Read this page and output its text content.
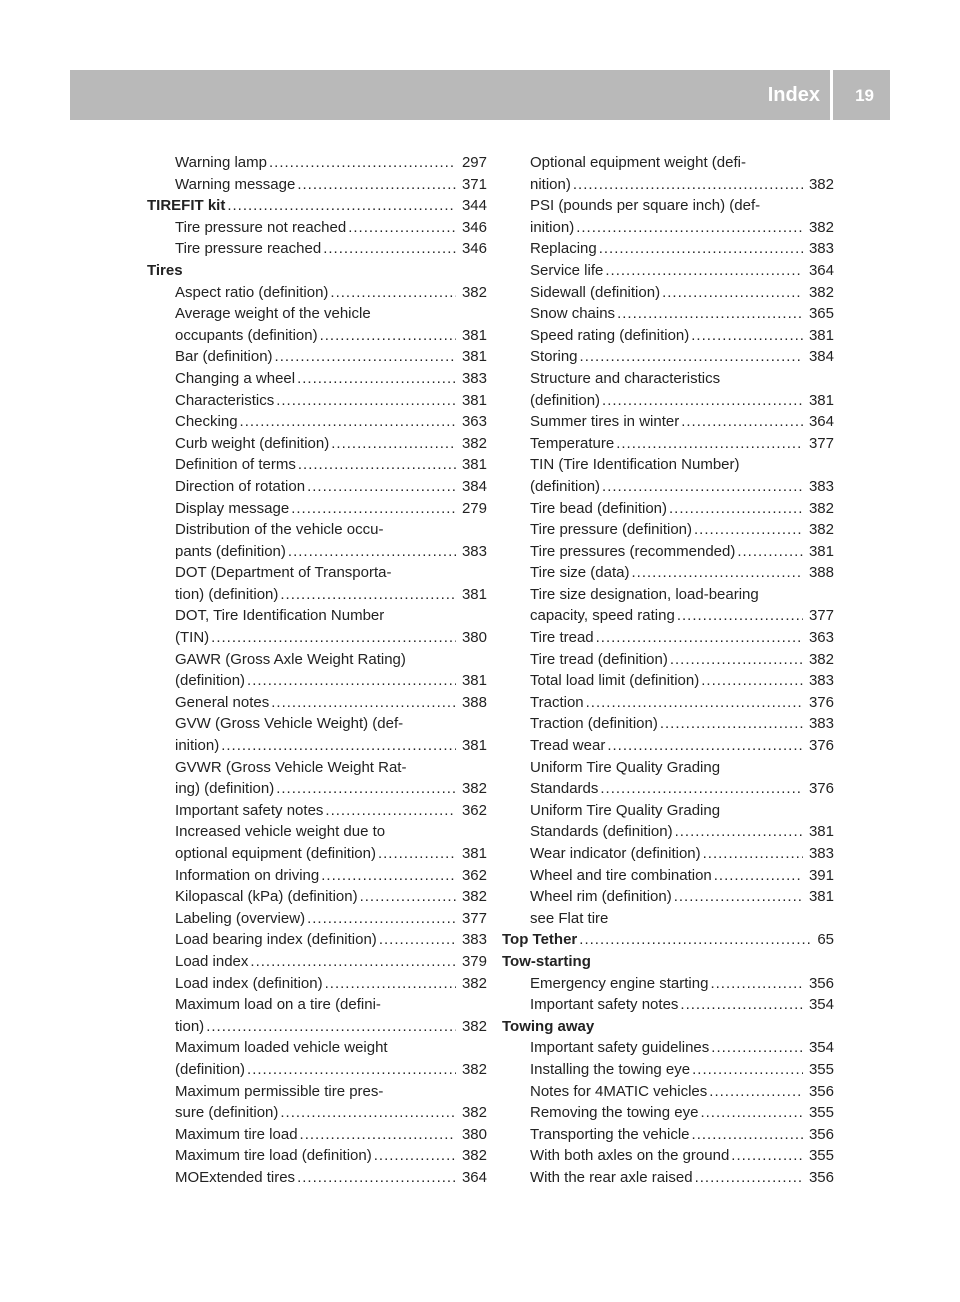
Index 19
Warning lamp .....	297
Warning message .....	371
TIREFIT kit .....	344
Tire pressure not reached .....	346
Tire pressure reached .....	346
Tires
Aspect ratio (definition) .....	382
Average weight of the vehicle
occupants (definition) .....	381
Bar (definition) .....	381
Changing a wheel .....	383
Characteristics .....	381
Checking .....	363
Curb weight (definition) .....	382
Definition of terms .....	381
Direction of rotation .....	384
Display message .....	279
Distribution of the vehicle occu-
pants (definition) .....	383
DOT (Department of Transporta-
tion) (definition) .....	381
DOT, Tire Identification Number
(TIN) .....	380
GAWR (Gross Axle Weight Rating)
(definition) .....	381
General notes .....	388
GVW (Gross Vehicle Weight) (def-
inition) .....	381
GVWR (Gross Vehicle Weight Rat-
ing) (definition) .....	382
Important safety notes .....	362
Increased vehicle weight due to
optional equipment (definition) .....	381
Information on driving .....	362
Kilopascal (kPa) (definition) .....	382
Labeling (overview) .....	377
Load bearing index (definition) .....	383
Load index .....	379
Load index (definition) .....	382
Maximum load on a tire (defini-
tion) .....	382
Maximum loaded vehicle weight
(definition) .....	382
Maximum permissible tire pres-
sure (definition) .....	382
Maximum tire load .....	380
Maximum tire load (definition) .....	382
MOExtended tires .....	364
Optional equipment weight (defi-
nition) .....	382
PSI (pounds per square inch) (def-
inition) .....	382
Replacing .....	383
Service life .....	364
Sidewall (definition) .....	382
Snow chains .....	365
Speed rating (definition) .....	381
Storing .....	384
Structure and characteristics
(definition) .....	381
Summer tires in winter .....	364
Temperature .....	377
TIN (Tire Identification Number)
(definition) .....	383
Tire bead (definition) .....	382
Tire pressure (definition) .....	382
Tire pressures (recommended) .....	381
Tire size (data) .....	388
Tire size designation, load-bearing
capacity, speed rating .....	377
Tire tread .....	363
Tire tread (definition) .....	382
Total load limit (definition) .....	383
Traction .....	376
Traction (definition) .....	383
Tread wear .....	376
Uniform Tire Quality Grading
Standards .....	376
Uniform Tire Quality Grading
Standards (definition) .....	381
Wear indicator (definition) .....	383
Wheel and tire combination .....	391
Wheel rim (definition) .....	381
see Flat tire
Top Tether .....	65
Tow-starting
Emergency engine starting .....	356
Important safety notes .....	354
Towing away
Important safety guidelines .....	354
Installing the towing eye .....	355
Notes for 4MATIC vehicles .....	356
Removing the towing eye .....	355
Transporting the vehicle .....	356
With both axles on the ground .....	355
With the rear axle raised .....	356
